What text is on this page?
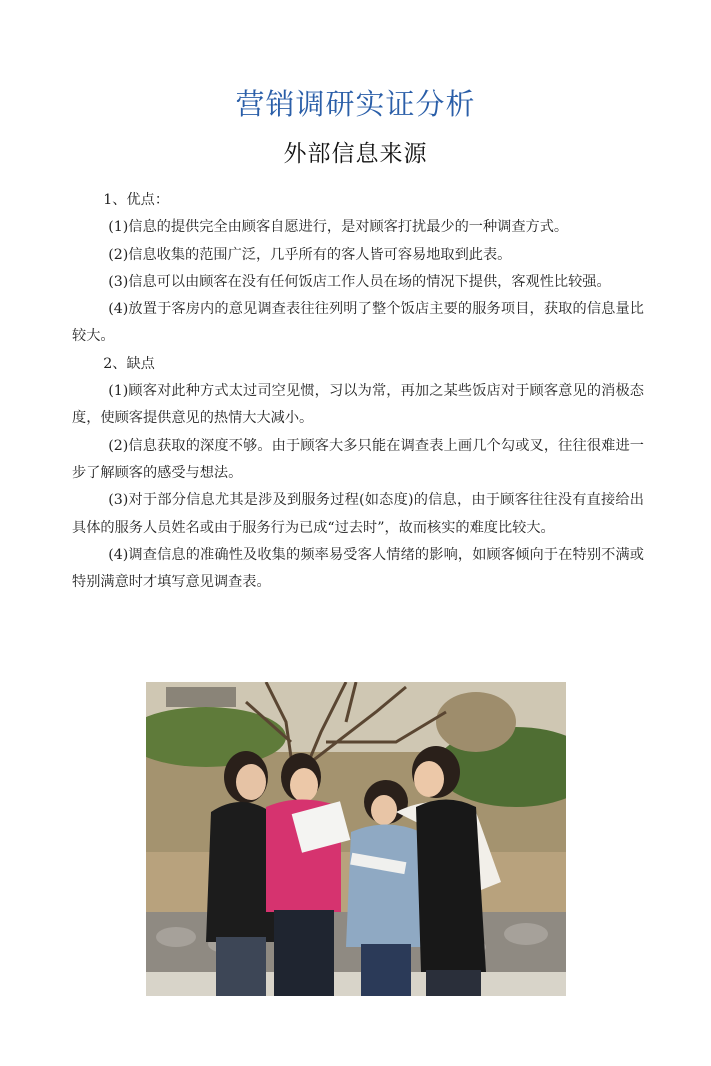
营销调研实证分析
外部信息来源

1、优点：

(1)信息的提供完全由顾客自愿进行，是对顾客打扰最少的一种调查方式。

(2)信息收集的范围广泛，几乎所有的客人皆可容易地取到此表。

(3)信息可以由顾客在没有任何饭店工作人员在场的情况下提供，客观性比较强。

(4)放置于客房内的意见调查表往往列明了整个饭店主要的服务项目，获取的信息量比较大。

2、缺点

(1)顾客对此种方式太过司空见惯，习以为常，再加之某些饭店对于顾客意见的消极态度，使顾客提供意见的热情大大减小。

(2)信息获取的深度不够。由于顾客大多只能在调查表上画几个勾或叉，往往很难进一步了解顾客的感受与想法。

(3)对于部分信息尤其是涉及到服务过程(如态度)的信息，由于顾客往往没有直接给出具体的服务人员姓名或由于服务行为已成“过去时”，故而核实的难度比较大。

(4)调查信息的准确性及收集的频率易受客人情绪的影响，如顾客倾向于在特别不满或特别满意时才填写意见调查表。
